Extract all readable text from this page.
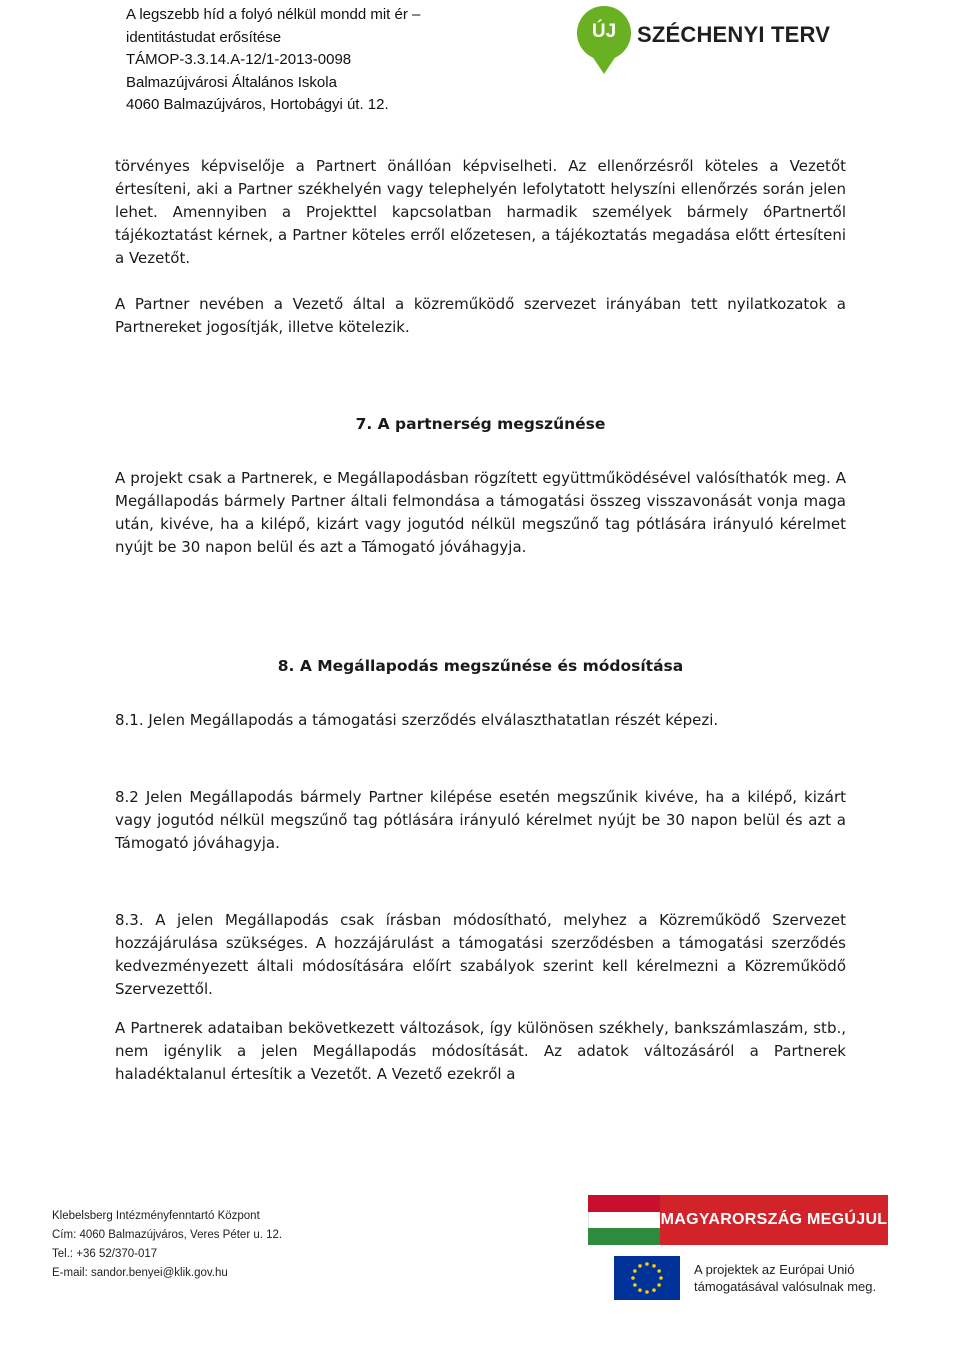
A legszebb híd a folyó nélkül mondd mit ér –
identitástudat erősítése
TÁMOP-3.3.14.A-12/1-2013-0098
Balmazújvárosi Általános Iskola
4060 Balmazújváros, Hortobágyi út. 12.
ÚJ SZÉCHENYI TERV

törvényes képviselője a Partnert önállóan képviselheti. Az ellenőrzésről köteles a Vezetőt értesíteni, aki a Partner székhelyén vagy telephelyén lefolytatott helyszíni ellenőrzés során jelen lehet. Amennyiben a Projekttel kapcsolatban harmadik személyek bármely óPartnertől tájékoztatást kérnek, a Partner köteles erről előzetesen, a tájékoztatás megadása előtt értesíteni a Vezetőt.

A Partner nevében a Vezető által a közreműködő szervezet irányában tett nyilatkozatok a Partnereket jogosítják, illetve kötelezik.

7. A partnerség megszűnése

A projekt csak a Partnerek, e Megállapodásban rögzített együttműködésével valósíthatók meg. A Megállapodás bármely Partner általi felmondása a támogatási összeg visszavonását vonja maga után, kivéve, ha a kilépő, kizárt vagy jogutód nélkül megszűnő tag pótlására irányuló kérelmet nyújt be 30 napon belül és azt a Támogató jóváhagyja.

8. A Megállapodás megszűnése és módosítása

8.1. Jelen Megállapodás a támogatási szerződés elválaszthatatlan részét képezi.

8.2 Jelen Megállapodás bármely Partner kilépése esetén megszűnik kivéve, ha a kilépő, kizárt vagy jogutód nélkül megszűnő tag pótlására irányuló kérelmet nyújt be 30 napon belül és azt a Támogató jóváhagyja.

8.3. A jelen Megállapodás csak írásban módosítható, melyhez a Közreműködő Szervezet hozzájárulása szükséges. A hozzájárulást a támogatási szerződésben a támogatási szerződés kedvezményezett általi módosítására előírt szabályok szerint kell kérelmezni a Közreműködő Szervezettől.

A Partnerek adataiban bekövetkezett változások, így különösen székhely, bankszámlaszám, stb., nem igénylik a jelen Megállapodás módosítását. Az adatok változásáról a Partnerek haladéktalanul értesítik a Vezetőt. A Vezető ezekről a

Klebelsberg Intézményfenntartó Központ
Cím: 4060 Balmazújváros, Veres Péter u. 12.
Tel.: +36 52/370-017
E-mail: sandor.benyei@klik.gov.hu
MAGYARORSZÁG MEGÚJUL
A projektek az Európai Unió
támogatásával valósulnak meg.
